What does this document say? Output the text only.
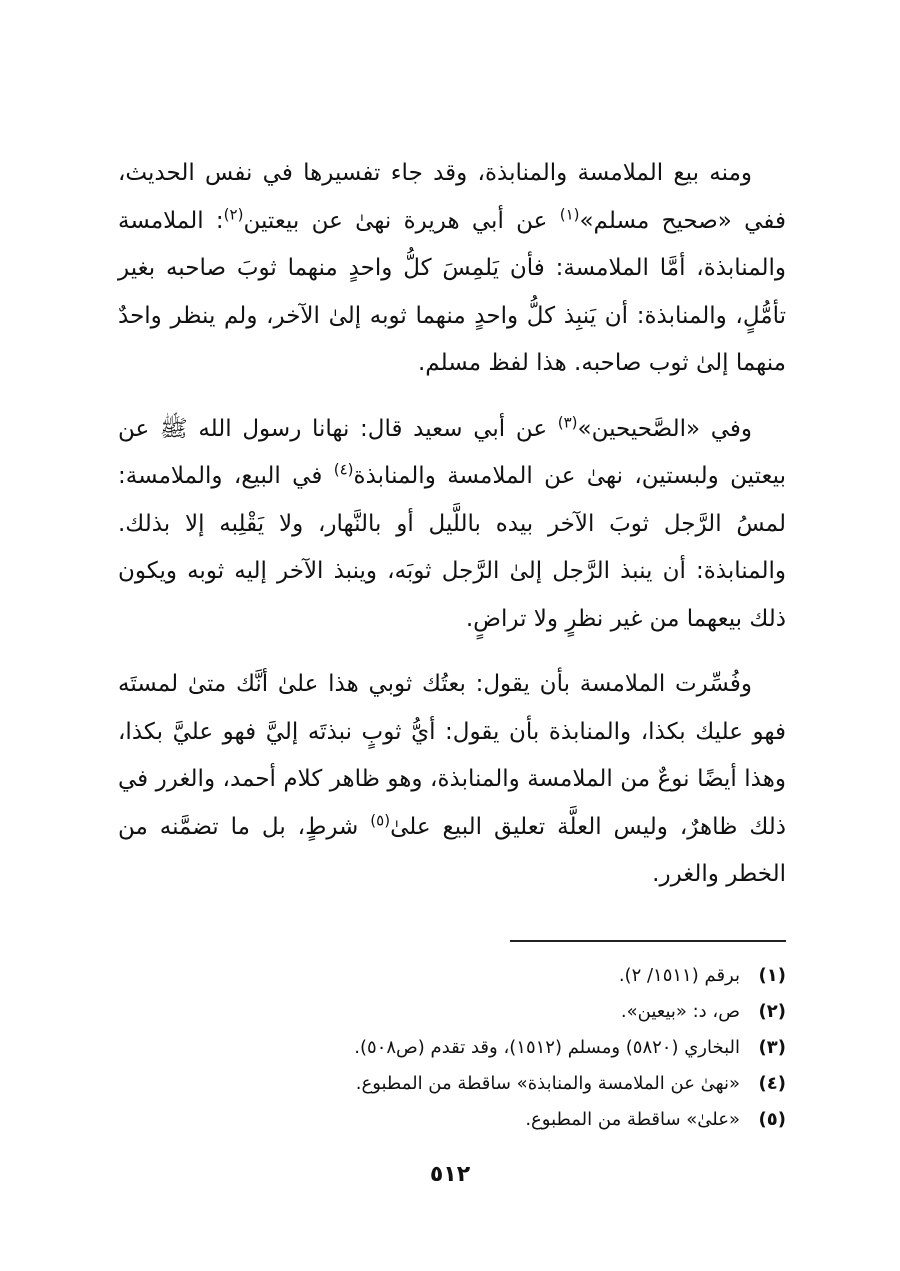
ومنه بيع الملامسة والمنابذة، وقد جاء تفسيرها في نفس الحديث، ففي «صحيح مسلم»$^{(١)}$ عن أبي هريرة نهىٰ عن بيعتين$^{(٢)}$: الملامسة والمنابذة، أمَّا الملامسة: فأن يَلمِسَ كلُّ واحدٍ منهما ثوبَ صاحبه بغير تأمُّلٍ، والمنابذة: أن يَنبِذ كلُّ واحدٍ منهما ثوبه إلىٰ الآخر، ولم ينظر واحدٌ منهما إلىٰ ثوب صاحبه. هذا لفظ مسلم.

وفي «الصَّحيحين»$^{(٣)}$ عن أبي سعيد قال: نهانا رسول الله ﷺ عن بيعتين ولبستين، نهىٰ عن الملامسة والمنابذة$^{(٤)}$ في البيع، والملامسة: لمسُ الرَّجل ثوبَ الآخر بيده باللَّيل أو بالنَّهار، ولا يَقْلِبه إلا بذلك. والمنابذة: أن ينبذ الرَّجل إلىٰ الرَّجل ثوبَه، وينبذ الآخر إليه ثوبه ويكون ذلك بيعهما من غير نظرٍ ولا تراضٍ.

وفُسِّرت الملامسة بأن يقول: بعتُك ثوبي هذا علىٰ أنَّك متىٰ لمستَه فهو عليك بكذا، والمنابذة بأن يقول: أيُّ ثوبٍ نبذتَه إليَّ فهو عليَّ بكذا، وهذا أيضًا نوعٌ من الملامسة والمنابذة، وهو ظاهر كلام أحمد، والغرر في ذلك ظاهرٌ، وليس العلَّة تعليق البيع علىٰ$^{(٥)}$ شرطٍ، بل ما تضمَّنه من الخطر والغرر.

(١)
برقم (١٥١١/ ٢).
(٢)
ص، د: «بيعين».
(٣)
البخاري (٥٨٢٠) ومسلم (١٥١٢)، وقد تقدم (ص٥٠٨).
(٤)
«نهىٰ عن الملامسة والمنابذة» ساقطة من المطبوع.
(٥)
«علىٰ» ساقطة من المطبوع.
٥١٢
